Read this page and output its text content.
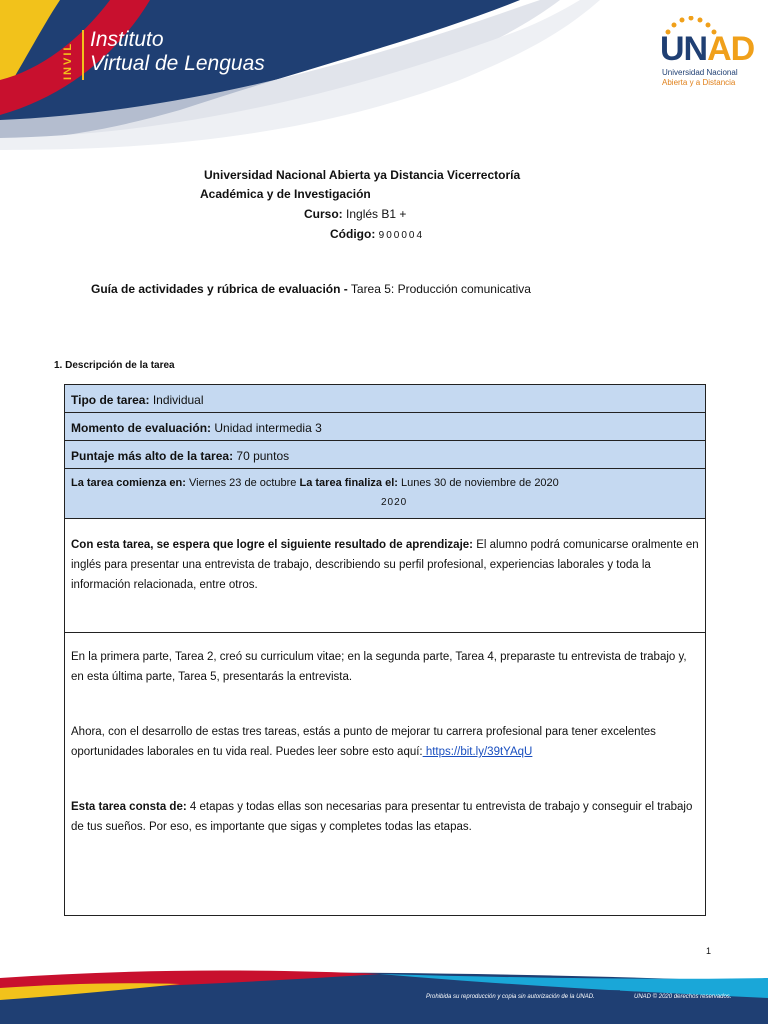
INVIL
Instituto
Virtual de Lenguas	UNAD
Universidad Nacional
Abierta y a Distancia
Universidad Nacional Abierta ya Distancia Vicerrectoría
Académica y de Investigación
Curso: Inglés B1 +
Código: 900004
Guía de actividades y rúbrica de evaluación - Tarea 5: Producción comunicativa
1. Descripción de la tarea
Tipo de tarea: Individual
Momento de evaluación: Unidad intermedia 3
Puntaje más alto de la tarea: 70 puntos
La tarea comienza en: Viernes 23 de octubre La tarea finaliza el: Lunes 30 de noviembre de 2020
2020
Con esta tarea, se espera que logre el siguiente resultado de aprendizaje: El alumno podrá comunicarse oralmente en inglés para presentar una entrevista de trabajo, describiendo su perfil profesional, experiencias laborales y toda la información relacionada, entre otros.

En la primera parte, Tarea 2, creó su curriculum vitae; en la segunda parte, Tarea 4, preparaste tu entrevista de trabajo y, en esta última parte, Tarea 5, presentarás la entrevista.

Ahora, con el desarrollo de estas tres tareas, estás a punto de mejorar tu carrera profesional para tener excelentes oportunidades laborales en tu vida real. Puedes leer sobre esto aquí: https://bit.ly/39tYAqU

Esta tarea consta de: 4 etapas y todas ellas son necesarias para presentar tu entrevista de trabajo y conseguir el trabajo de tus sueños. Por eso, es importante que sigas y completes todas las etapas.

1
Prohibida su reproducción y copia sin autorización de la UNAD.	UNAD © 2020 derechos reservados.
